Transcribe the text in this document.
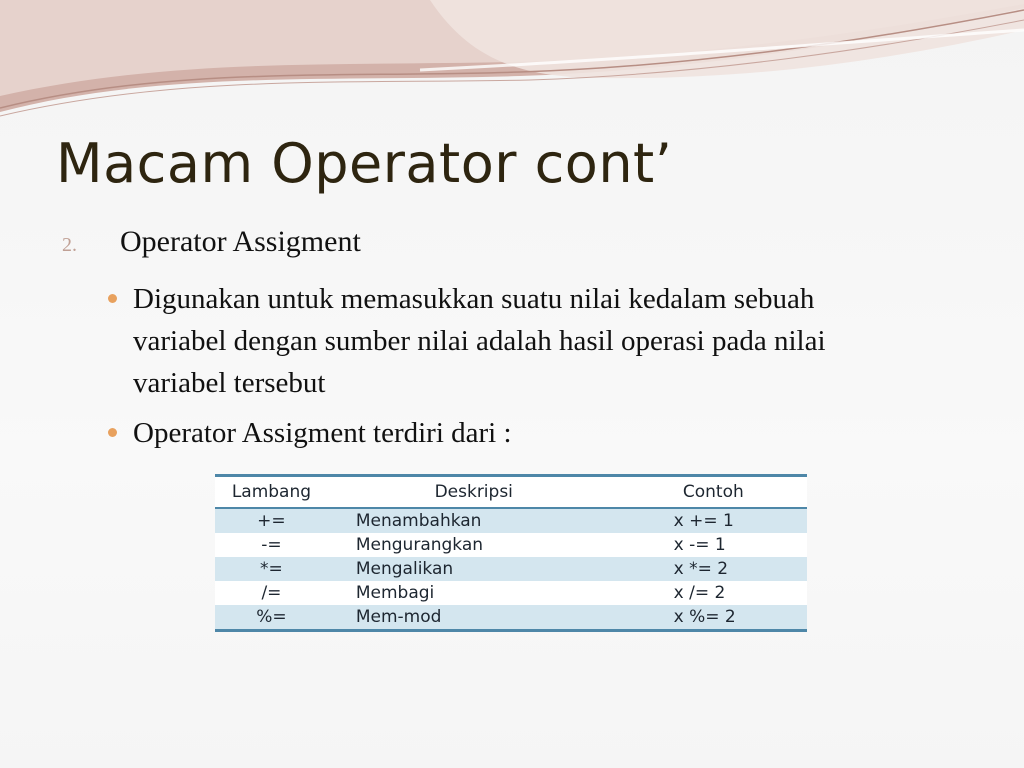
Macam Operator cont’
2.	Operator Assigment
Digunakan untuk memasukkan suatu nilai kedalam sebuah variabel dengan sumber nilai adalah hasil operasi pada nilai variabel tersebut
Operator Assigment terdiri dari :
Lambang	Deskripsi	Contoh
+=	Menambahkan	x += 1
-=	Mengurangkan	x -= 1
*=	Mengalikan	x *= 2
/=	Membagi	x /= 2
%=	Mem-mod	x %= 2
